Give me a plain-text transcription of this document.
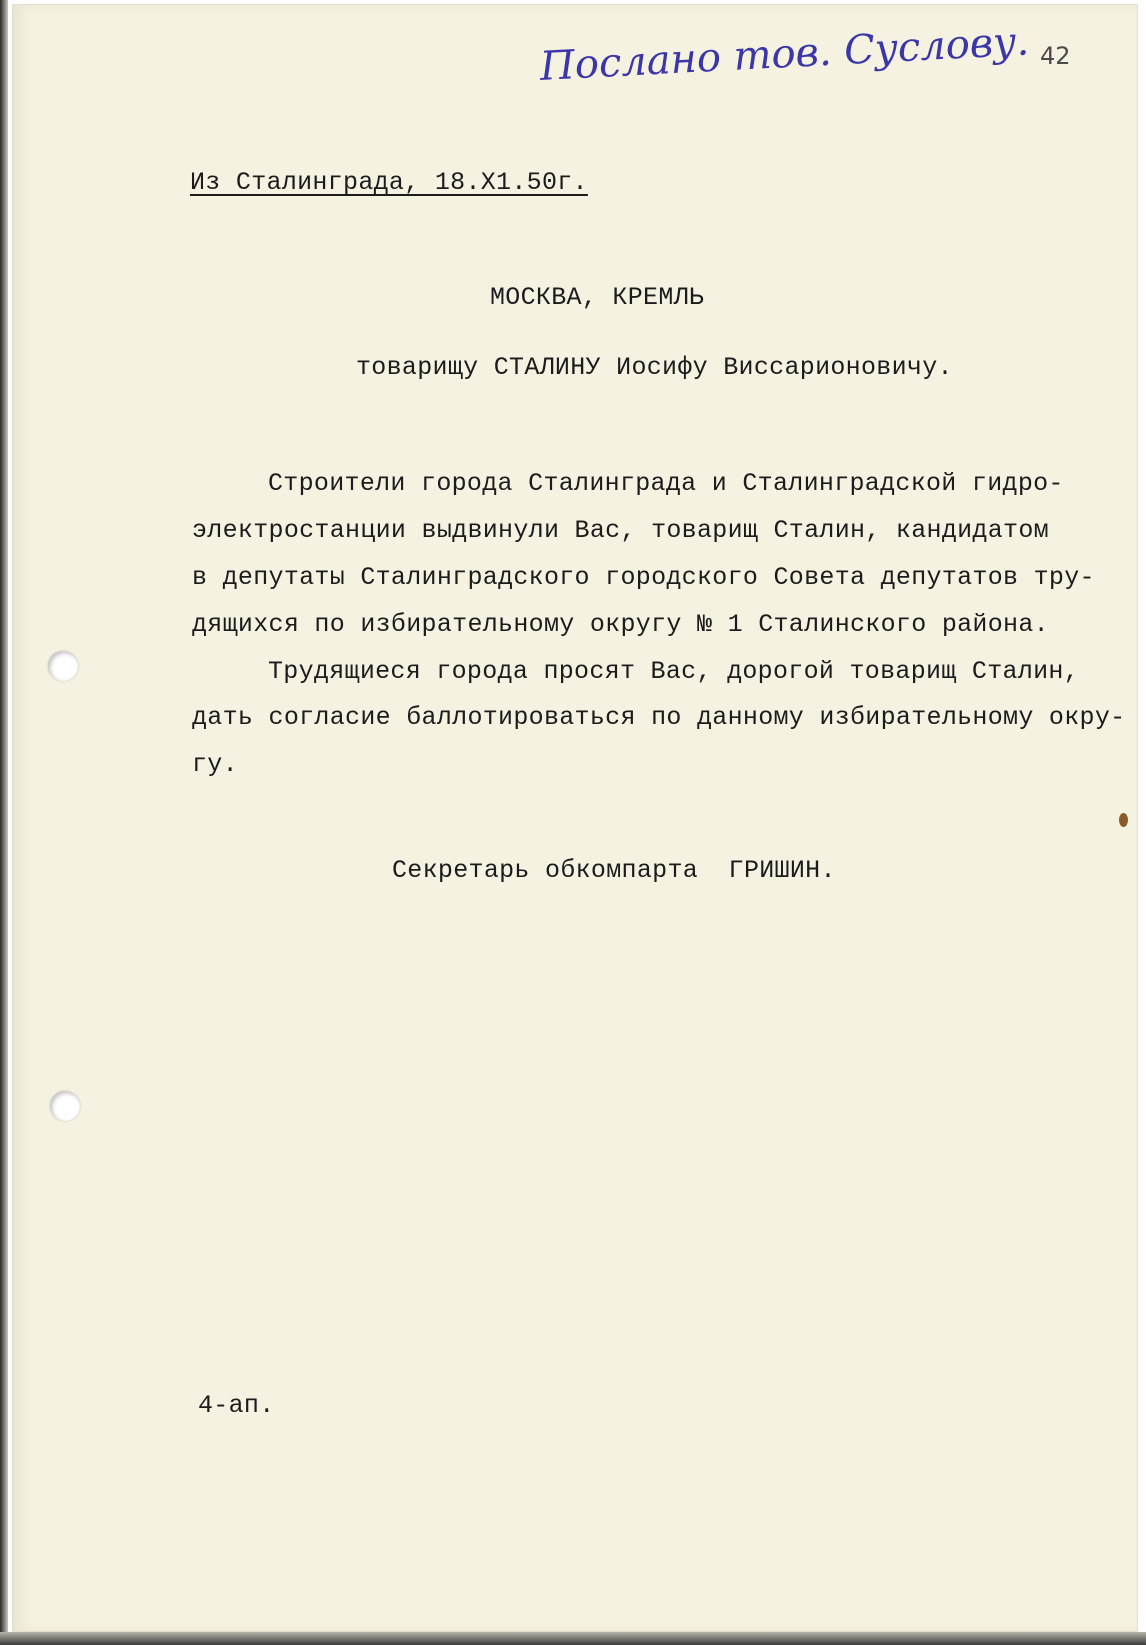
Послано тов. Суслову. 42
Из Сталинграда, 18.Х1.50г.
МОСКВА, КРЕМЛЬ
товарищу СТАЛИНУ Иосифу Виссарионовичу.
Строители города Сталинграда и Сталинградской гидро-
электростанции выдвинули Вас, товарищ Сталин, кандидатом
в депутаты Сталинградского городского Совета депутатов тру-
дящихся по избирательному округу № 1 Сталинского района.
Трудящиеся города просят Вас, дорогой товарищ Сталин,
дать согласие баллотироваться по данному избирательному окру-
гу.
Секретарь обкомпарта  ГРИШИН.
4-ап.
